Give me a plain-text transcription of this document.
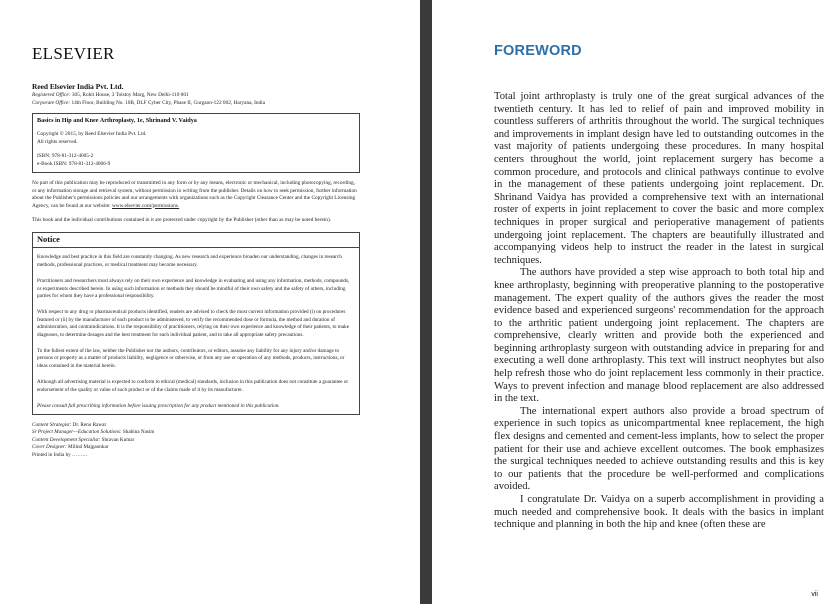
ELSEVIER
Reed Elsevier India Pvt. Ltd.
Registered Office: 305, Rohit House, 3 Tolstoy Marg, New Delhi-110 001
Corporate Office: 14th Floor, Building No. 10B, DLF Cyber City, Phase II, Gurgaon-122 002, Haryana, India
Basics in Hip and Knee Arthroplasty, 1e, Shrinand V. Vaidya
Copyright © 2015, by Reed Elsevier India Pvt. Ltd.
All rights reserved.
ISBN: 978-81-312-4005-2
e-Book ISBN: 978-81-312-4006-9

No part of this publication may be reproduced or transmitted in any form or by any means, electronic or mechanical, including photocopying, recording, or any information storage and retrieval system, without permission in writing from the publisher. Details on how to seek permission, further information about the Publisher's permissions policies and our arrangements with organizations such as the Copyright Clearance Center and the Copyright Licensing Agency, can be found at our website: www.elsevier.com/permissions.

This book and the individual contributions contained in it are protected under copyright by the Publisher (other than as may be noted herein).

Notice

Knowledge and best practice in this field are constantly changing. As new research and experience broaden our understanding, changes in research methods, professional practices, or medical treatment may become necessary.

Practitioners and researchers must always rely on their own experience and knowledge in evaluating and using any information, methods, compounds, or experiments described herein. In using such information or methods they should be mindful of their own safety and the safety of others, including parties for whom they have a professional responsibility.

With respect to any drug or pharmaceutical products identified, readers are advised to check the most current information provided (i) on procedures featured or (ii) by the manufacturer of each product to be administered, to verify the recommended dose or formula, the method and duration of administration, and contraindications. It is the responsibility of practitioners, relying on their own experience and knowledge of their patients, to make diagnoses, to determine dosages and the best treatment for each individual patient, and to take all appropriate safety precautions.

To the fullest extent of the law, neither the Publisher nor the authors, contributors, or editors, assume any liability for any injury and/or damage to persons or property as a matter of products liability, negligence or otherwise, or from any use or operation of any methods, products, instructions, or ideas contained in the material herein.

Although all advertising material is expected to conform to ethical (medical) standards, inclusion in this publication does not constitute a guarantee or endorsement of the quality or value of such product or of the claims made of it by its manufacturer.

Please consult full prescribing information before issuing prescription for any product mentioned in this publication.

Content Strategist: Dr. Renu Rawat
Sr Project Manager—Education Solutions: Shabina Nasim
Content Development Specialist: Shravan Kumar
Cover Designer: Milind Majgaonkar
Printed in India by ………
FOREWORD

Total joint arthroplasty is truly one of the great surgical advances of the twentieth century. It has led to relief of pain and improved mobility in countless sufferers of arthritis throughout the world. The surgical techniques and improvements in implant design have led to outstanding outcomes in the vast majority of patients undergoing these procedures. In many hospital centers throughout the world, joint replacement surgery has become a common procedure, and protocols and clinical pathways continue to evolve in the management of these patients undergoing joint replacement. Dr. Shrinand Vaidya has provided a comprehensive text with an international roster of experts in joint replacement to cover the basic and more complex techniques in proper surgical and perioperative management of patients undergoing joint replacement. The chapters are beautifully illustrated and accompanying videos help to instruct the reader in the latest in surgical techniques.

The authors have provided a step wise approach to both total hip and knee arthroplasty, beginning with preoperative planning to the postoperative management. The expert quality of the authors gives the reader the most evidence based and experienced surgeons' recommendation for the approach to the arthritic patient undergoing joint replacement. The chapters are comprehensive, clearly written and provide both the experienced and beginning arthroplasty surgeon with outstanding advice in preparing for and executing a well done arthroplasty. This text will instruct neophytes but also help refresh those who do joint replacement less commonly in their practice. Ways to prevent infection and manage blood replacement are also addressed in the text.

The international expert authors also provide a broad spectrum of experience in such topics as unicompartmental knee replacement, the high flex designs and cemented and cement-less implants, how to select the proper patient for their use and achieve excellent outcomes. The book emphasizes the surgical techniques needed to achieve outstanding results and this is key to our patients that the procedure be well-performed and complications avoided.

I congratulate Dr. Vaidya on a superb accomplishment in providing a much needed and comprehensive book. It deals with the basics in implant technique and planning in both the hip and knee (often these are

vii
